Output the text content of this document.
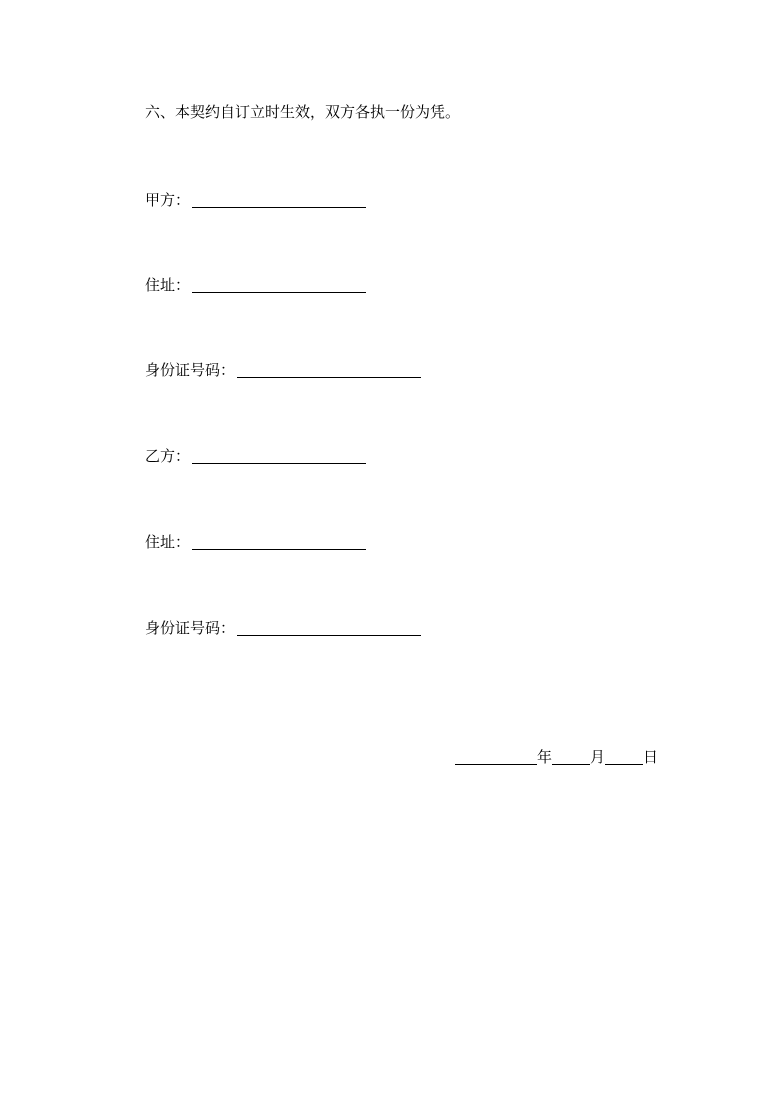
六、本契约自订立时生效，双方各执一份为凭。
甲方：
住址：
身份证号码：
乙方：
住址：
身份证号码：
年	月	日
